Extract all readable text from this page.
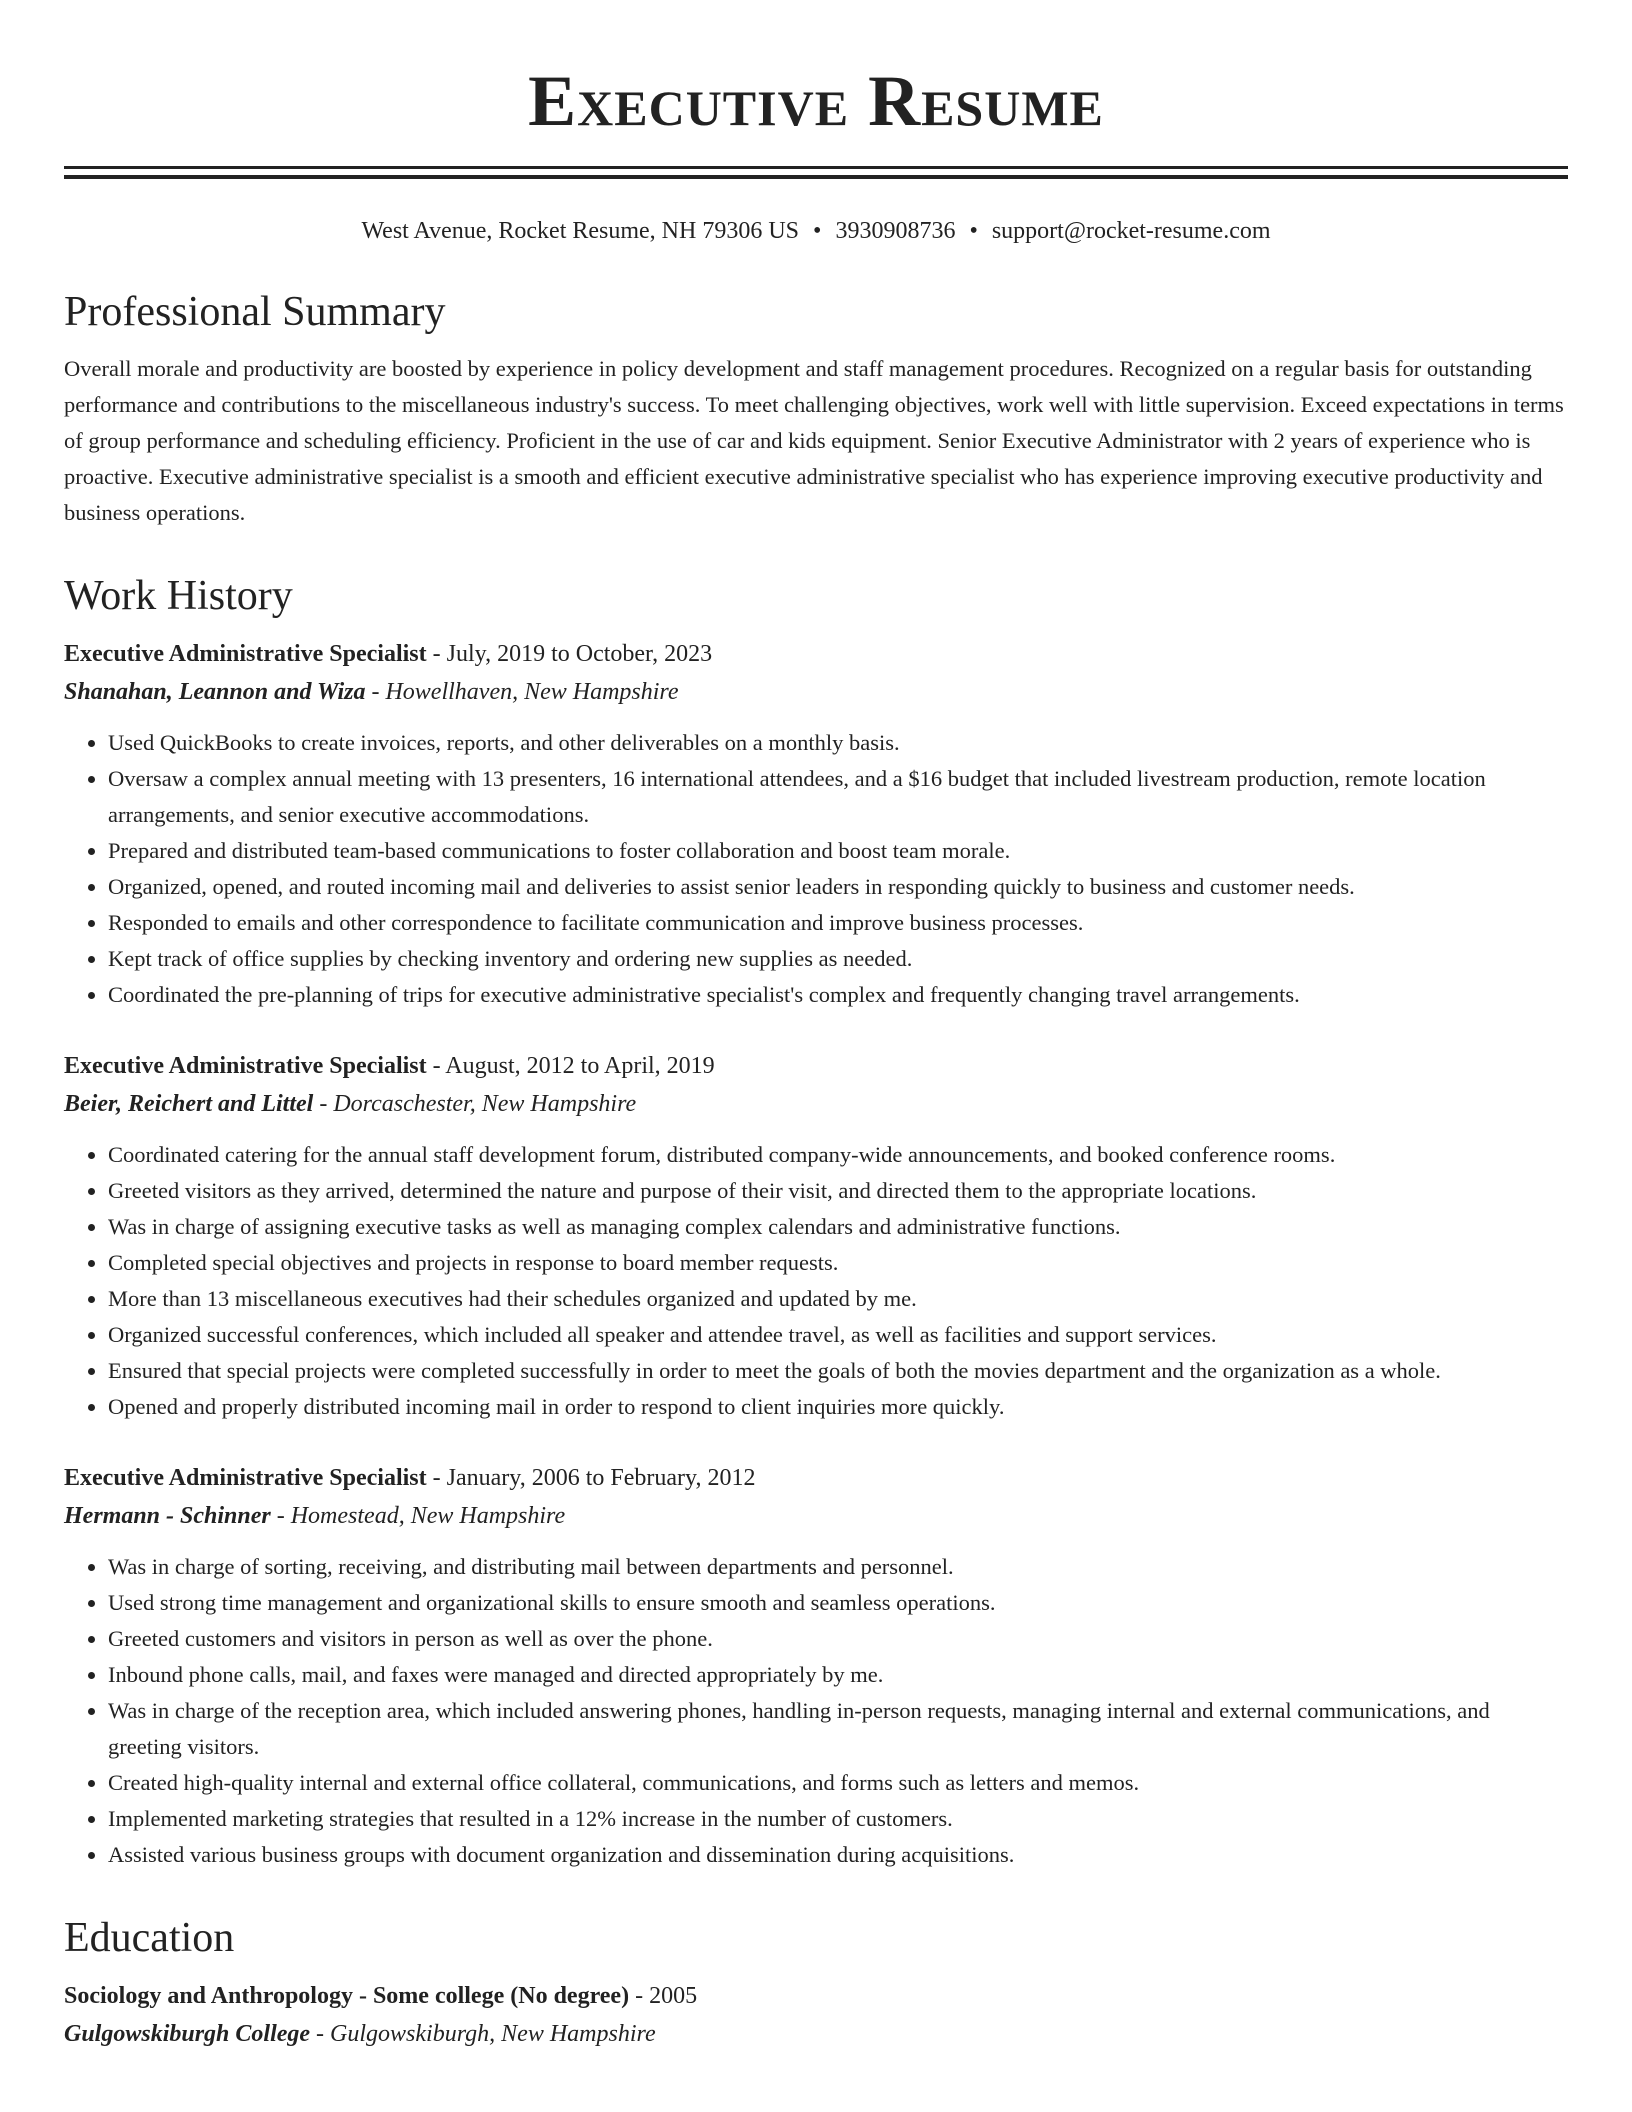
Executive Resume
West Avenue, Rocket Resume, NH 79306 US • 3930908736 • support@rocket-resume.com
Professional Summary

Overall morale and productivity are boosted by experience in policy development and staff management procedures. Recognized on a regular basis for outstanding performance and contributions to the miscellaneous industry's success. To meet challenging objectives, work well with little supervision. Exceed expectations in terms of group performance and scheduling efficiency. Proficient in the use of car and kids equipment. Senior Executive Administrator with 2 years of experience who is proactive. Executive administrative specialist is a smooth and efficient executive administrative specialist who has experience improving executive productivity and business operations.

Work History
Executive Administrative Specialist - July, 2019 to October, 2023
Shanahan, Leannon and Wiza - Howellhaven, New Hampshire
• Used QuickBooks to create invoices, reports, and other deliverables on a monthly basis.
• Oversaw a complex annual meeting with 13 presenters, 16 international attendees, and a $16 budget that included livestream production, remote location arrangements, and senior executive accommodations.
• Prepared and distributed team-based communications to foster collaboration and boost team morale.
• Organized, opened, and routed incoming mail and deliveries to assist senior leaders in responding quickly to business and customer needs.
• Responded to emails and other correspondence to facilitate communication and improve business processes.
• Kept track of office supplies by checking inventory and ordering new supplies as needed.
• Coordinated the pre-planning of trips for executive administrative specialist's complex and frequently changing travel arrangements.
Executive Administrative Specialist - August, 2012 to April, 2019
Beier, Reichert and Littel - Dorcaschester, New Hampshire
• Coordinated catering for the annual staff development forum, distributed company-wide announcements, and booked conference rooms.
• Greeted visitors as they arrived, determined the nature and purpose of their visit, and directed them to the appropriate locations.
• Was in charge of assigning executive tasks as well as managing complex calendars and administrative functions.
• Completed special objectives and projects in response to board member requests.
• More than 13 miscellaneous executives had their schedules organized and updated by me.
• Organized successful conferences, which included all speaker and attendee travel, as well as facilities and support services.
• Ensured that special projects were completed successfully in order to meet the goals of both the movies department and the organization as a whole.
• Opened and properly distributed incoming mail in order to respond to client inquiries more quickly.
Executive Administrative Specialist - January, 2006 to February, 2012
Hermann - Schinner - Homestead, New Hampshire
• Was in charge of sorting, receiving, and distributing mail between departments and personnel.
• Used strong time management and organizational skills to ensure smooth and seamless operations.
• Greeted customers and visitors in person as well as over the phone.
• Inbound phone calls, mail, and faxes were managed and directed appropriately by me.
• Was in charge of the reception area, which included answering phones, handling in-person requests, managing internal and external communications, and greeting visitors.
• Created high-quality internal and external office collateral, communications, and forms such as letters and memos.
• Implemented marketing strategies that resulted in a 12% increase in the number of customers.
• Assisted various business groups with document organization and dissemination during acquisitions.
Education
Sociology and Anthropology - Some college (No degree) - 2005
Gulgowskiburgh College - Gulgowskiburgh, New Hampshire
